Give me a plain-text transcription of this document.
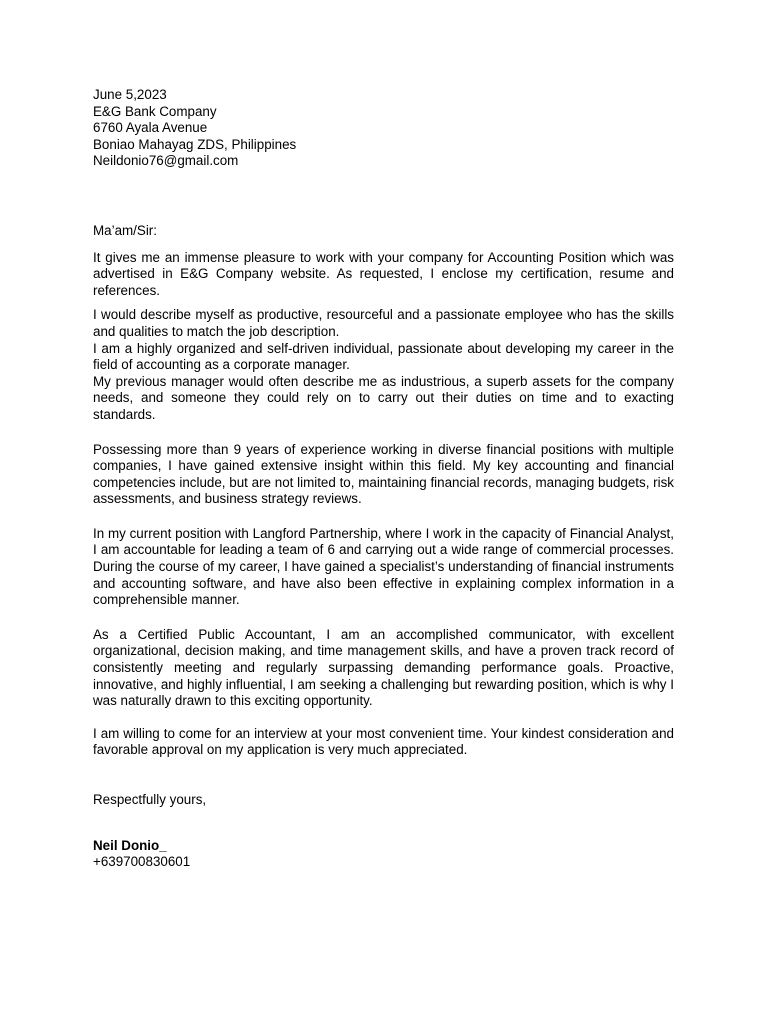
June 5,2023
E&G Bank Company
6760 Ayala Avenue
Boniao Mahayag ZDS, Philippines
Neildonio76@gmail.com
Ma’am/Sir:
It gives me an immense pleasure to work with your company for Accounting Position which was advertised in E&G Company website. As requested, I enclose my certification, resume and references.
I would describe myself as productive, resourceful and a passionate employee who has the skills and qualities to match the job description.
I am a highly organized and self-driven individual, passionate about developing my career in the field of accounting as a corporate manager.
My previous manager would often describe me as industrious, a superb assets for the company needs, and someone they could rely on to carry out their duties on time and to exacting standards.
Possessing more than 9 years of experience working in diverse financial positions with multiple companies, I have gained extensive insight within this field. My key accounting and financial competencies include, but are not limited to, maintaining financial records, managing budgets, risk assessments, and business strategy reviews.
In my current position with Langford Partnership, where I work in the capacity of Financial Analyst, I am accountable for leading a team of 6 and carrying out a wide range of commercial processes. During the course of my career, I have gained a specialist’s understanding of financial instruments and accounting software, and have also been effective in explaining complex information in a comprehensible manner.
As a Certified Public Accountant, I am an accomplished communicator, with excellent organizational, decision making, and time management skills, and have a proven track record of consistently meeting and regularly surpassing demanding performance goals. Proactive, innovative, and highly influential, I am seeking a challenging but rewarding position, which is why I was naturally drawn to this exciting opportunity.
I am willing to come for an interview at your most convenient time. Your kindest consideration and favorable approval on my application is very much appreciated.
Respectfully yours,
Neil Donio_
+639700830601
